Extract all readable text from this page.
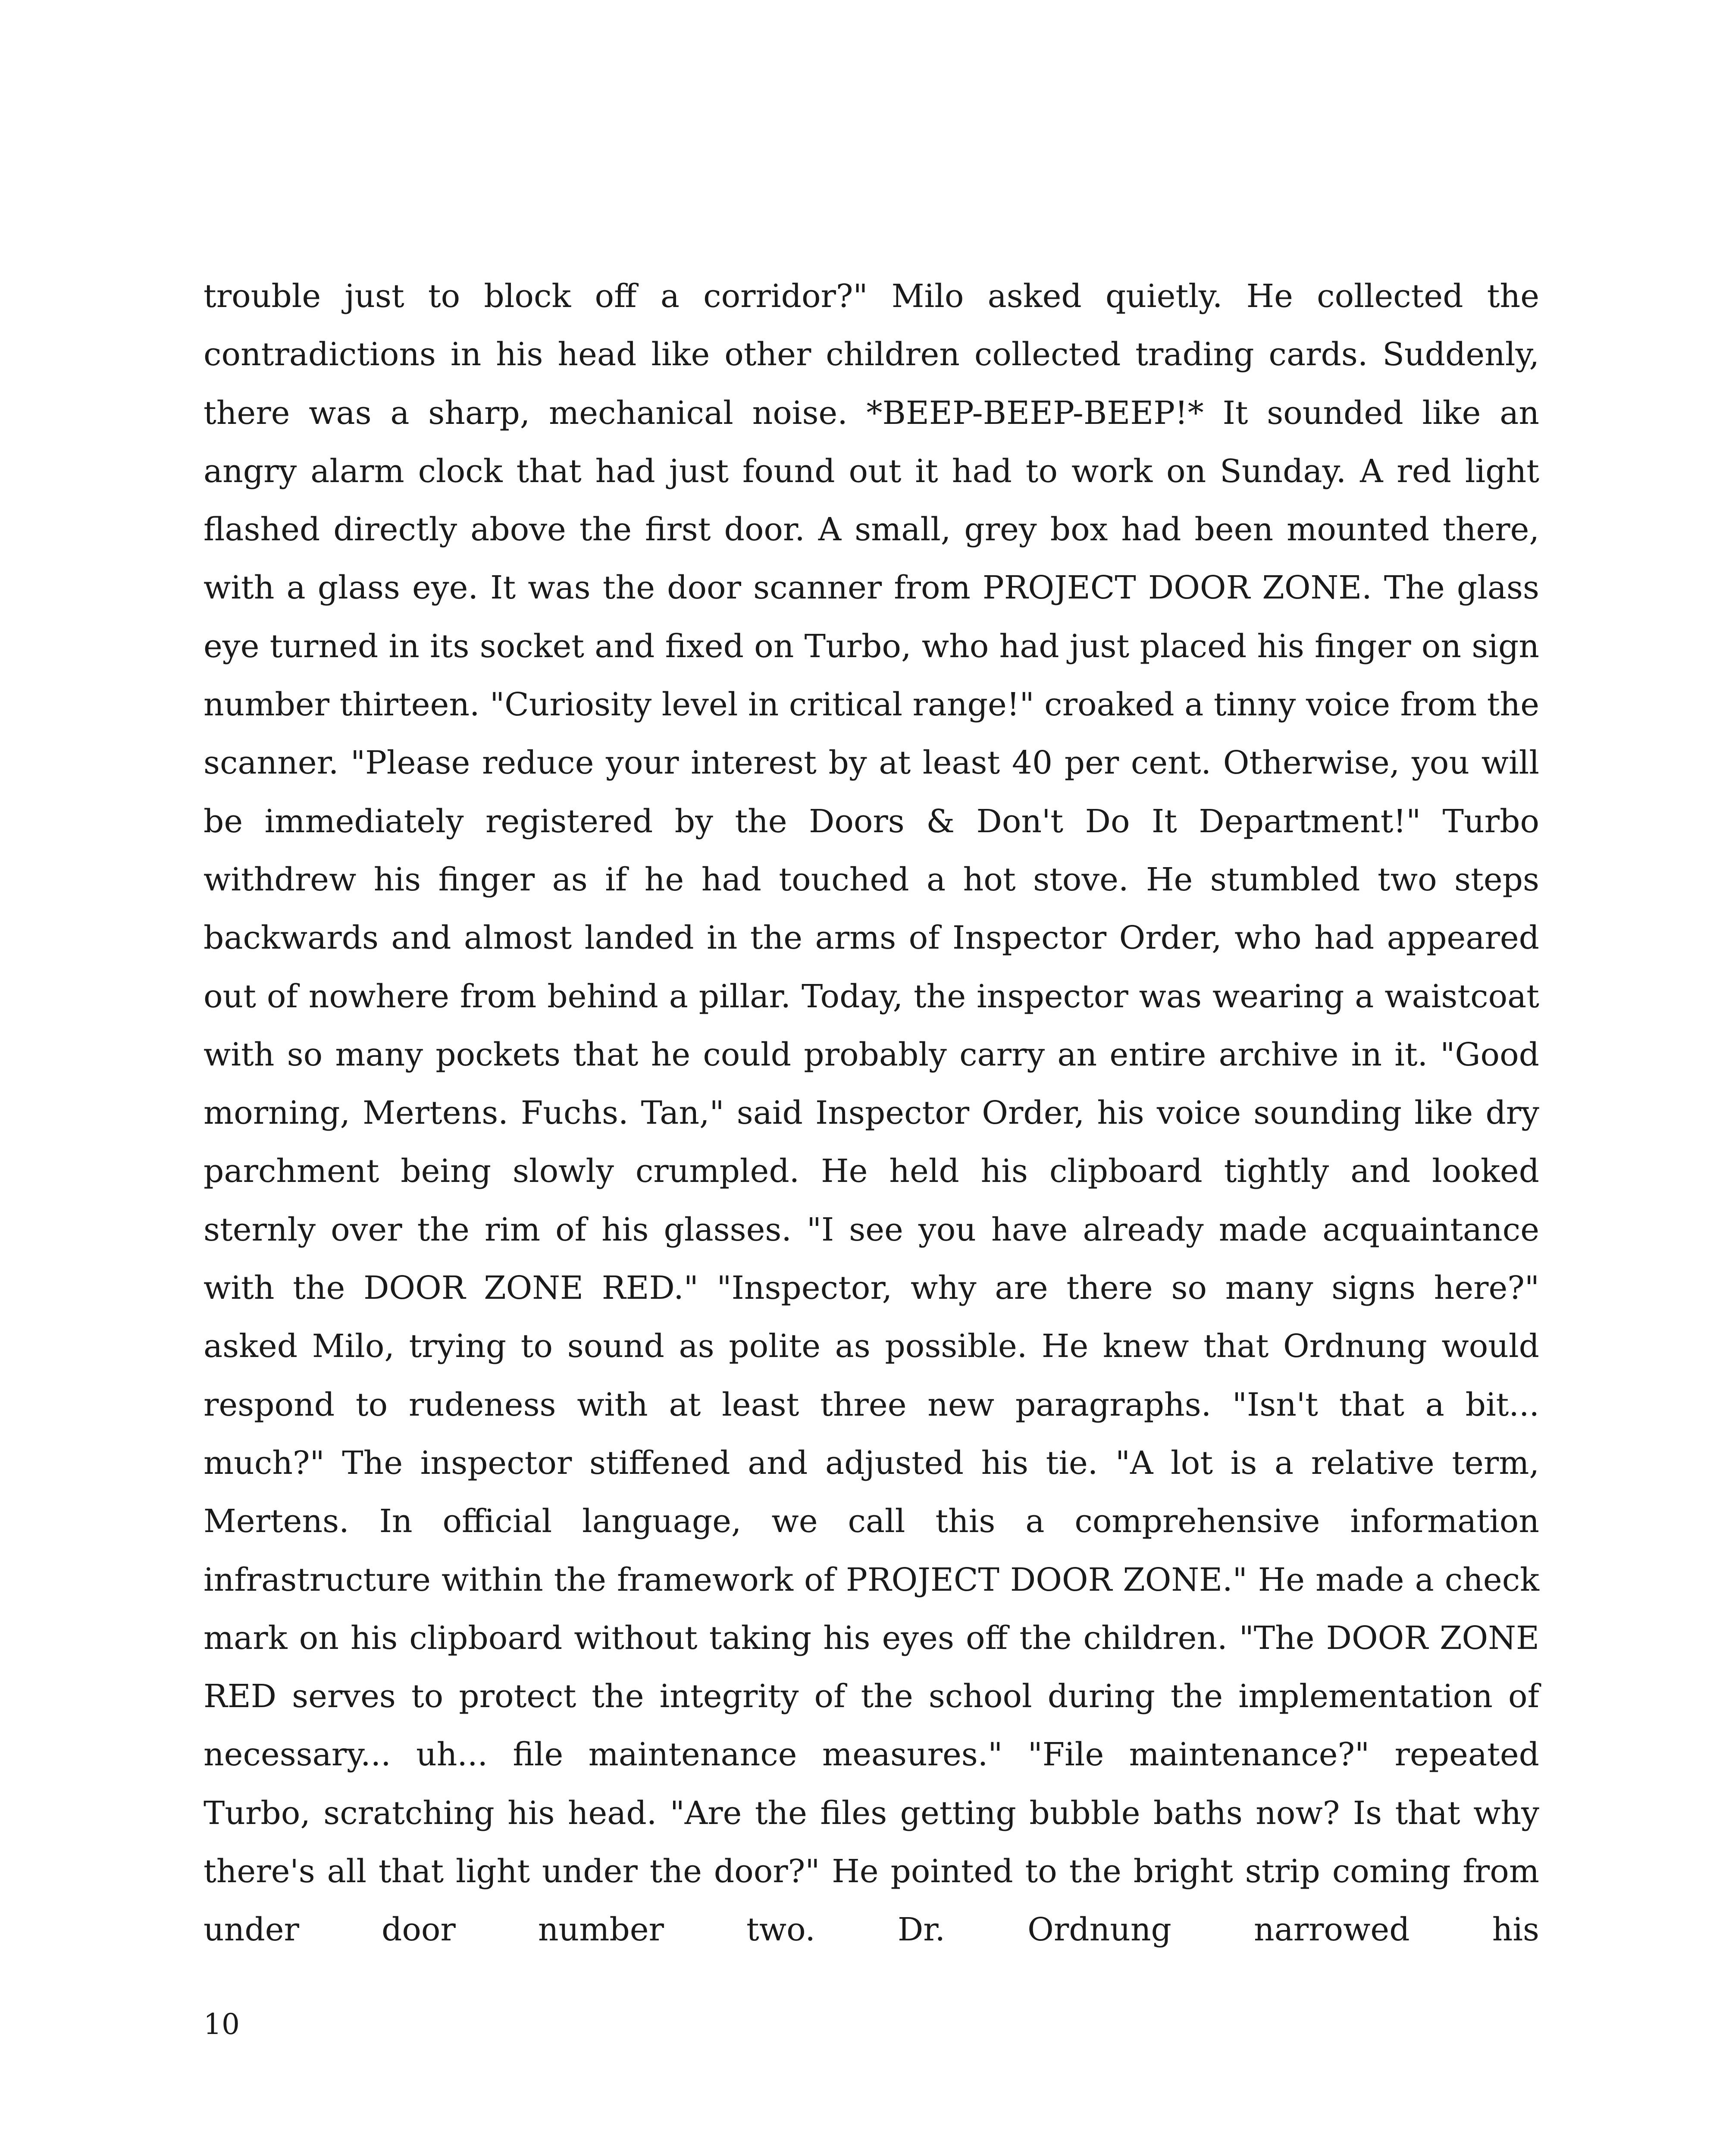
trouble just to block off a corridor?" Milo asked quietly. He collected the contradictions in his head like other children collected trading cards. Suddenly, there was a sharp, mechanical noise. *BEEP-BEEP-BEEP!* It sounded like an angry alarm clock that had just found out it had to work on Sunday. A red light flashed directly above the first door. A small, grey box had been mounted there, with a glass eye. It was the door scanner from PROJECT DOOR ZONE. The glass eye turned in its socket and fixed on Turbo, who had just placed his finger on sign number thirteen. "Curiosity level in critical range!" croaked a tinny voice from the scanner. "Please reduce your interest by at least 40 per cent. Otherwise, you will be immediately registered by the Doors & Don't Do It Department!" Turbo withdrew his finger as if he had touched a hot stove. He stumbled two steps backwards and almost landed in the arms of Inspector Order, who had appeared out of nowhere from behind a pillar. Today, the inspector was wearing a waistcoat with so many pockets that he could probably carry an entire archive in it. "Good morning, Mertens. Fuchs. Tan," said Inspector Order, his voice sounding like dry parchment being slowly crumpled. He held his clipboard tightly and looked sternly over the rim of his glasses. "I see you have already made acquaintance with the DOOR ZONE RED." "Inspector, why are there so many signs here?" asked Milo, trying to sound as polite as possible. He knew that Ordnung would respond to rudeness with at least three new paragraphs. "Isn't that a bit... much?" The inspector stiffened and adjusted his tie. "A lot is a relative term, Mertens. In official language, we call this a comprehensive information infrastructure within the framework of PROJECT DOOR ZONE." He made a check mark on his clipboard without taking his eyes off the children. "The DOOR ZONE RED serves to protect the integrity of the school during the implementation of necessary... uh... file maintenance measures." "File maintenance?" repeated Turbo, scratching his head. "Are the files getting bubble baths now? Is that why there's all that light under the door?" He pointed to the bright strip coming from under door number two. Dr. Ordnung narrowed his

10
